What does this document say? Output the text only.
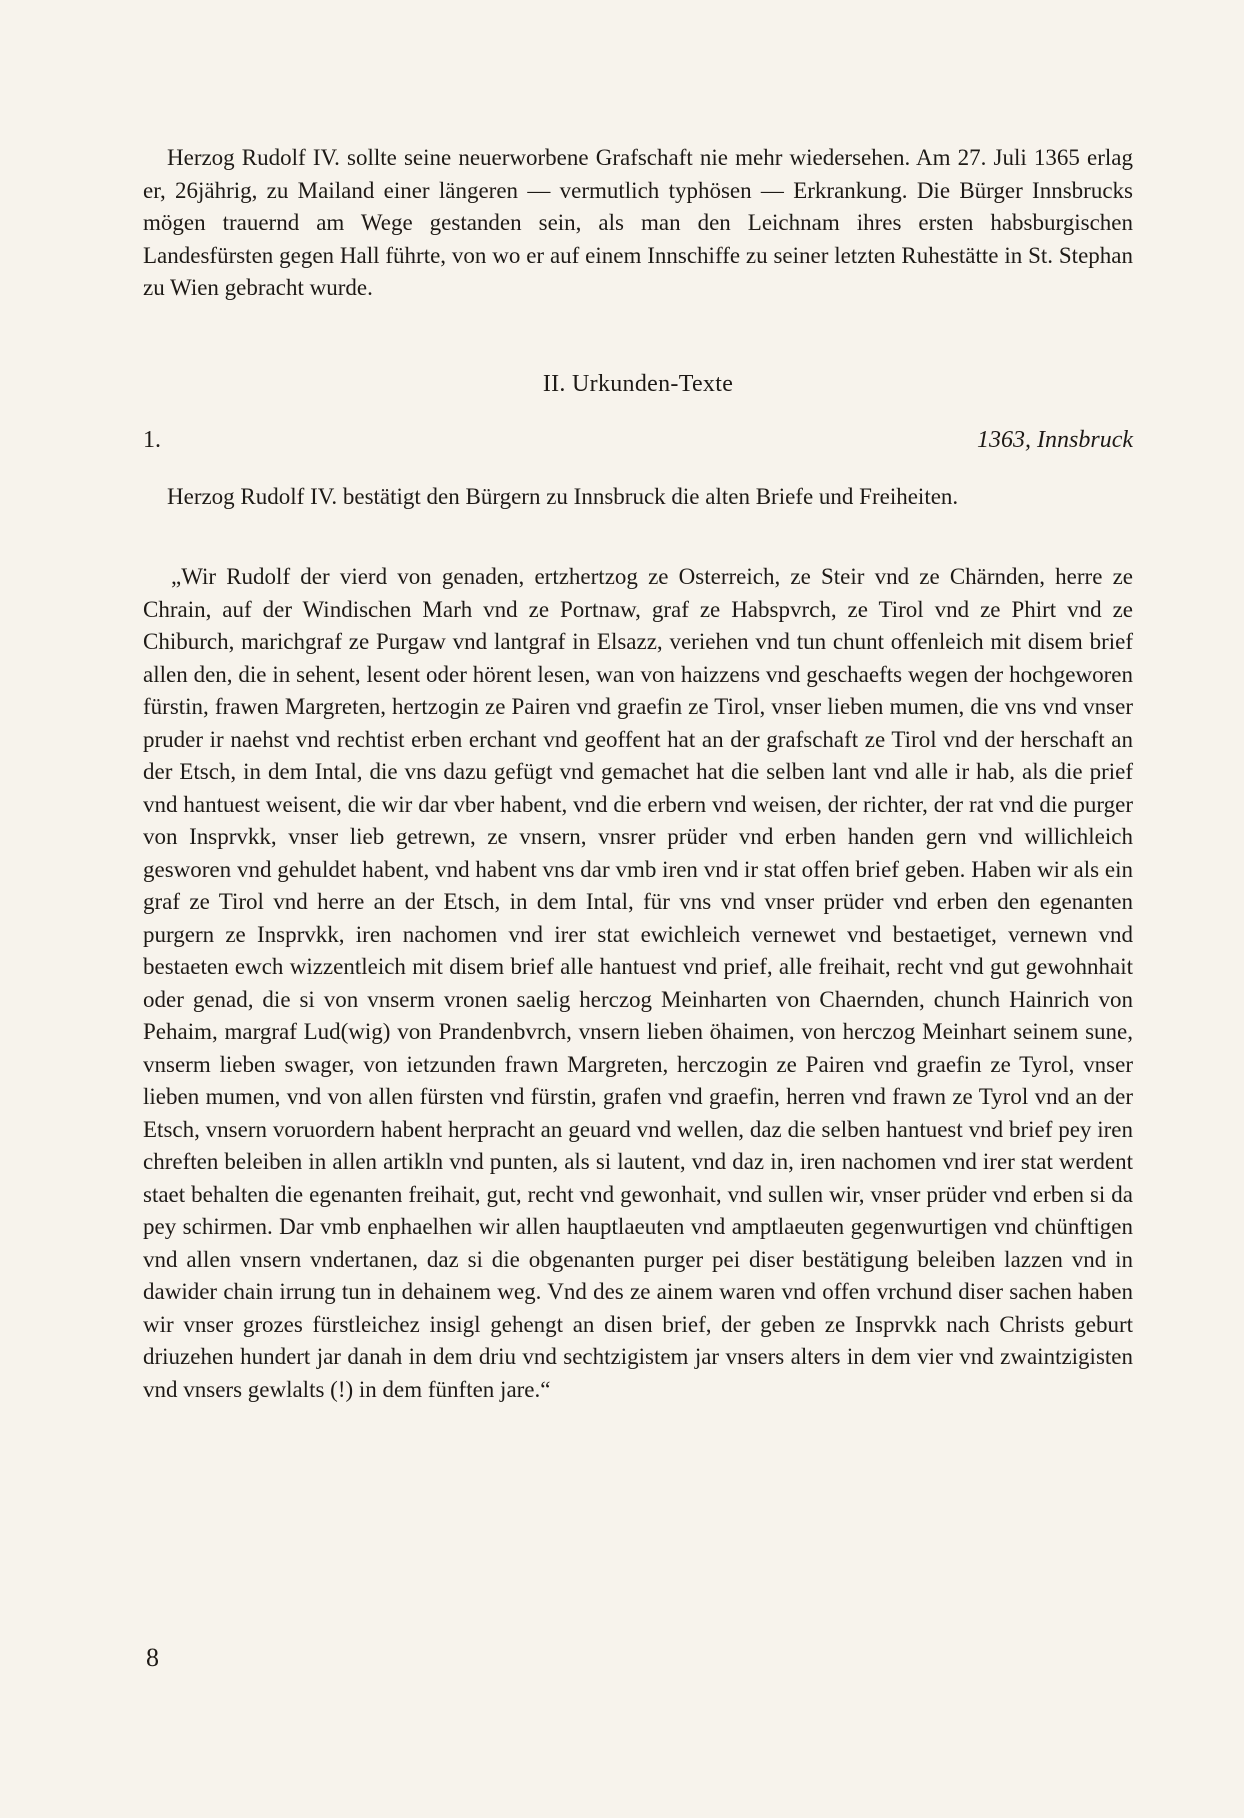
Herzog Rudolf IV. sollte seine neuerworbene Grafschaft nie mehr wiedersehen. Am 27. Juli 1365 erlag er, 26jährig, zu Mailand einer längeren — vermutlich typhösen — Erkrankung. Die Bürger Innsbrucks mögen trauernd am Wege gestanden sein, als man den Leichnam ihres ersten habsburgischen Landesfürsten gegen Hall führte, von wo er auf einem Innschiffe zu seiner letzten Ruhestätte in St. Stephan zu Wien gebracht wurde.

II. Urkunden-Texte
1.	1363, Innsbruck

Herzog Rudolf IV. bestätigt den Bürgern zu Innsbruck die alten Briefe und Freiheiten.

„Wir Rudolf der vierd von genaden, ertzhertzog ze Osterreich, ze Steir vnd ze Chärnden, herre ze Chrain, auf der Windischen Marh vnd ze Portnaw, graf ze Habspvrch, ze Tirol vnd ze Phirt vnd ze Chiburch, marichgraf ze Purgaw vnd lantgraf in Elsazz, veriehen vnd tun chunt offenleich mit disem brief allen den, die in sehent, lesent oder hörent lesen, wan von haizzens vnd geschaefts wegen der hochgeworen fürstin, frawen Margreten, hertzogin ze Pairen vnd graefin ze Tirol, vnser lieben mumen, die vns vnd vnser pruder ir naehst vnd rechtist erben erchant vnd geoffent hat an der grafschaft ze Tirol vnd der herschaft an der Etsch, in dem Intal, die vns dazu gefügt vnd gemachet hat die selben lant vnd alle ir hab, als die prief vnd hantuest weisent, die wir dar vber habent, vnd die erbern vnd weisen, der richter, der rat vnd die purger von Insprvkk, vnser lieb getrewn, ze vnsern, vnsrer prüder vnd erben handen gern vnd willichleich gesworen vnd gehuldet habent, vnd habent vns dar vmb iren vnd ir stat offen brief geben. Haben wir als ein graf ze Tirol vnd herre an der Etsch, in dem Intal, für vns vnd vnser prüder vnd erben den egenanten purgern ze Insprvkk, iren nachomen vnd irer stat ewichleich vernewet vnd bestaetiget, vernewn vnd bestaeten ewch wizzentleich mit disem brief alle hantuest vnd prief, alle freihait, recht vnd gut gewohnhait oder genad, die si von vnserm vronen saelig herczog Meinharten von Chaernden, chunch Hainrich von Pehaim, margraf Lud(wig) von Prandenbvrch, vnsern lieben öhaimen, von herczog Meinhart seinem sune, vnserm lieben swager, von ietzunden frawn Margreten, herczogin ze Pairen vnd graefin ze Tyrol, vnser lieben mumen, vnd von allen fürsten vnd fürstin, grafen vnd graefin, herren vnd frawn ze Tyrol vnd an der Etsch, vnsern voruordern habent herpracht an geuard vnd wellen, daz die selben hantuest vnd brief pey iren chreften beleiben in allen artikln vnd punten, als si lautent, vnd daz in, iren nachomen vnd irer stat werdent staet behalten die egenanten freihait, gut, recht vnd gewonhait, vnd sullen wir, vnser prüder vnd erben si da pey schirmen. Dar vmb enphaelhen wir allen hauptlaeuten vnd amptlaeuten gegenwurtigen vnd chünftigen vnd allen vnsern vndertanen, daz si die obgenanten purger pei diser bestätigung beleiben lazzen vnd in dawider chain irrung tun in dehainem weg. Vnd des ze ainem waren vnd offen vrchund diser sachen haben wir vnser grozes fürstleichez insigl gehengt an disen brief, der geben ze Insprvkk nach Christs geburt driuzehen hundert jar danah in dem driu vnd sechtzigistem jar vnsers alters in dem vier vnd zwaintzigisten vnd vnsers gewlalts (!) in dem fünften jare.“

8
